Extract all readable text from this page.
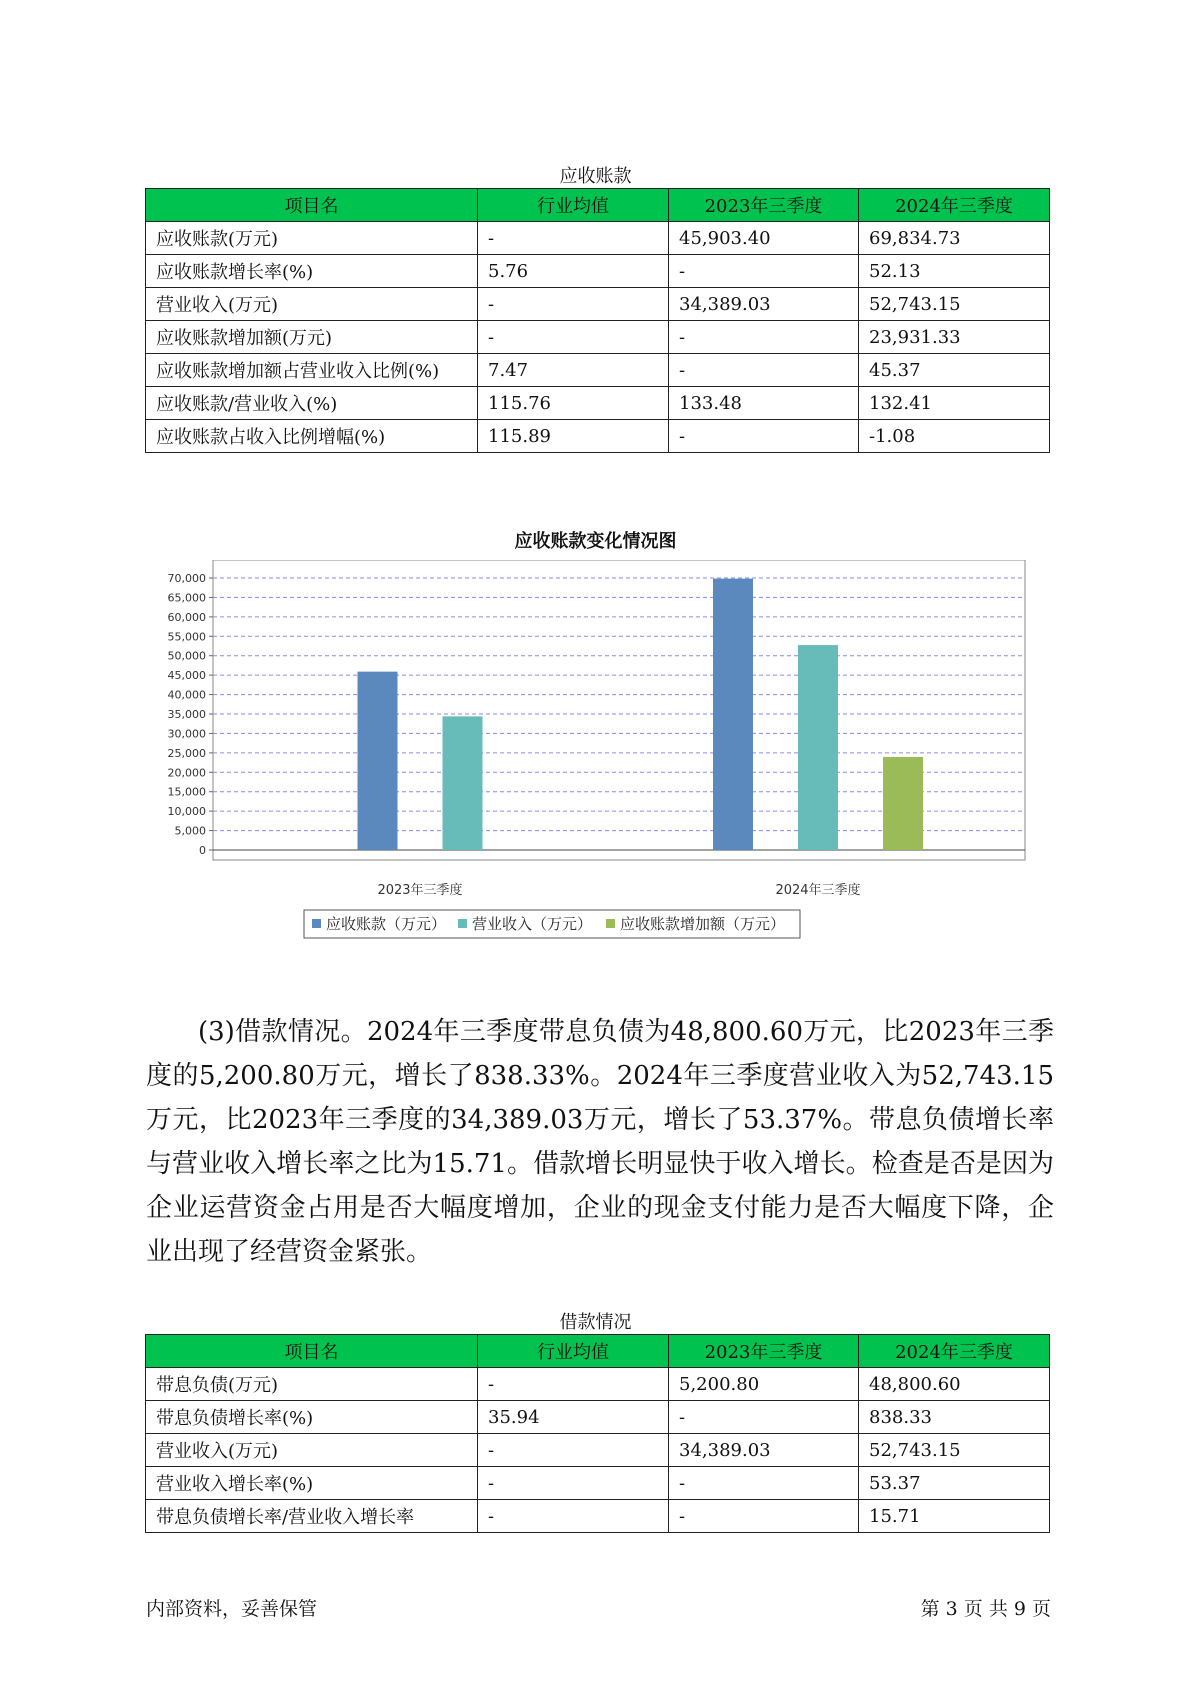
应收账款
项目名	行业均值	2023年三季度	2024年三季度
应收账款(万元)	-	45,903.40	69,834.73
应收账款增长率(%)	5.76	-	52.13
营业收入(万元)	-	34,389.03	52,743.15
应收账款增加额(万元)	-	-	23,931.33
应收账款增加额占营业收入比例(%)	7.47	-	45.37
应收账款/营业收入(%)	115.76	133.48	132.41
应收账款占收入比例增幅(%)	115.89	-	-1.08
应收账款变化情况图
0
5,000
10,000
15,000
20,000
25,000
30,000
35,000
40,000
45,000
50,000
55,000
60,000
65,000
70,000
2023年三季度	2024年三季度
应收账款（万元） 营业收入（万元） 应收账款增加额（万元）
(3)借款情况。2024年三季度带息负债为48,800.60万元，比2023年三季度的5,200.80万元，增长了838.33%。2024年三季度营业收入为52,743.15万元，比2023年三季度的34,389.03万元，增长了53.37%。带息负债增长率与营业收入增长率之比为15.71。借款增长明显快于收入增长。检查是否是因为企业运营资金占用是否大幅度增加，企业的现金支付能力是否大幅度下降，企业出现了经营资金紧张。
借款情况
项目名	行业均值	2023年三季度	2024年三季度
带息负债(万元)	-	5,200.80	48,800.60
带息负债增长率(%)	35.94	-	838.33
营业收入(万元)	-	34,389.03	52,743.15
营业收入增长率(%)	-	-	53.37
带息负债增长率/营业收入增长率	-	-	15.71
内部资料，妥善保管	第 3 页 共 9 页
